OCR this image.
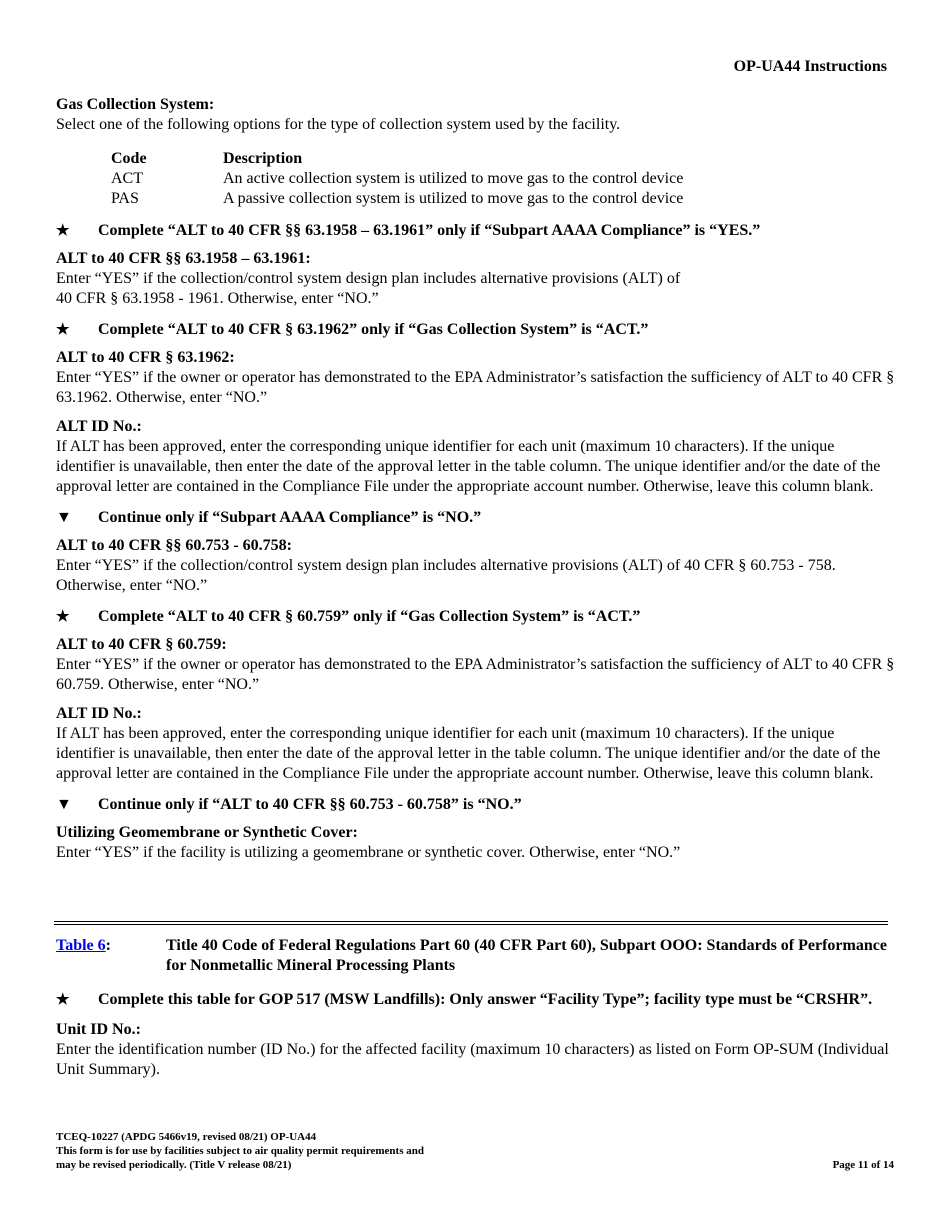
OP-UA44 Instructions
Gas Collection System:

Select one of the following options for the type of collection system used by the facility.

Code	Description
ACT	An active collection system is utilized to move gas to the control device
PAS	A passive collection system is utilized to move gas to the control device
★	Complete “ALT to 40 CFR §§ 63.1958 – 63.1961” only if “Subpart AAAA Compliance” is “YES.”
ALT to 40 CFR §§ 63.1958 – 63.1961:
Enter “YES” if the collection/control system design plan includes alternative provisions (ALT) of
40 CFR § 63.1958 - 1961. Otherwise, enter “NO.”
★	Complete “ALT to 40 CFR § 63.1962” only if “Gas Collection System” is “ACT.”
ALT to 40 CFR § 63.1962:

Enter “YES” if the owner or operator has demonstrated to the EPA Administrator’s satisfaction the sufficiency of ALT to 40 CFR § 63.1962. Otherwise, enter “NO.”

ALT ID No.:

If ALT has been approved, enter the corresponding unique identifier for each unit (maximum 10 characters). If the unique identifier is unavailable, then enter the date of the approval letter in the table column. The unique identifier and/or the date of the approval letter are contained in the Compliance File under the appropriate account number. Otherwise, leave this column blank.

▼	Continue only if “Subpart AAAA Compliance” is “NO.”
ALT to 40 CFR §§ 60.753 - 60.758:

Enter “YES” if the collection/control system design plan includes alternative provisions (ALT) of 40 CFR § 60.753 - 758. Otherwise, enter “NO.”

★	Complete “ALT to 40 CFR § 60.759” only if “Gas Collection System” is “ACT.”
ALT to 40 CFR § 60.759:

Enter “YES” if the owner or operator has demonstrated to the EPA Administrator’s satisfaction the sufficiency of ALT to 40 CFR § 60.759. Otherwise, enter “NO.”

ALT ID No.:

If ALT has been approved, enter the corresponding unique identifier for each unit (maximum 10 characters). If the unique identifier is unavailable, then enter the date of the approval letter in the table column. The unique identifier and/or the date of the approval letter are contained in the Compliance File under the appropriate account number. Otherwise, leave this column blank.

▼	Continue only if “ALT to 40 CFR §§ 60.753 - 60.758” is “NO.”
Utilizing Geomembrane or Synthetic Cover:

Enter “YES” if the facility is utilizing a geomembrane or synthetic cover. Otherwise, enter “NO.”

Table 6:	Title 40 Code of Federal Regulations Part 60 (40 CFR Part 60), Subpart OOO: Standards of Performance for Nonmetallic Mineral Processing Plants
★	Complete this table for GOP 517 (MSW Landfills): Only answer “Facility Type”; facility type must be “CRSHR”.
Unit ID No.:

Enter the identification number (ID No.) for the affected facility (maximum 10 characters) as listed on Form OP-SUM (Individual Unit Summary).

TCEQ-10227 (APDG 5466v19, revised 08/21) OP-UA44
This form is for use by facilities subject to air quality permit requirements and
may be revised periodically. (Title V release 08/21)	Page 11 of 14
